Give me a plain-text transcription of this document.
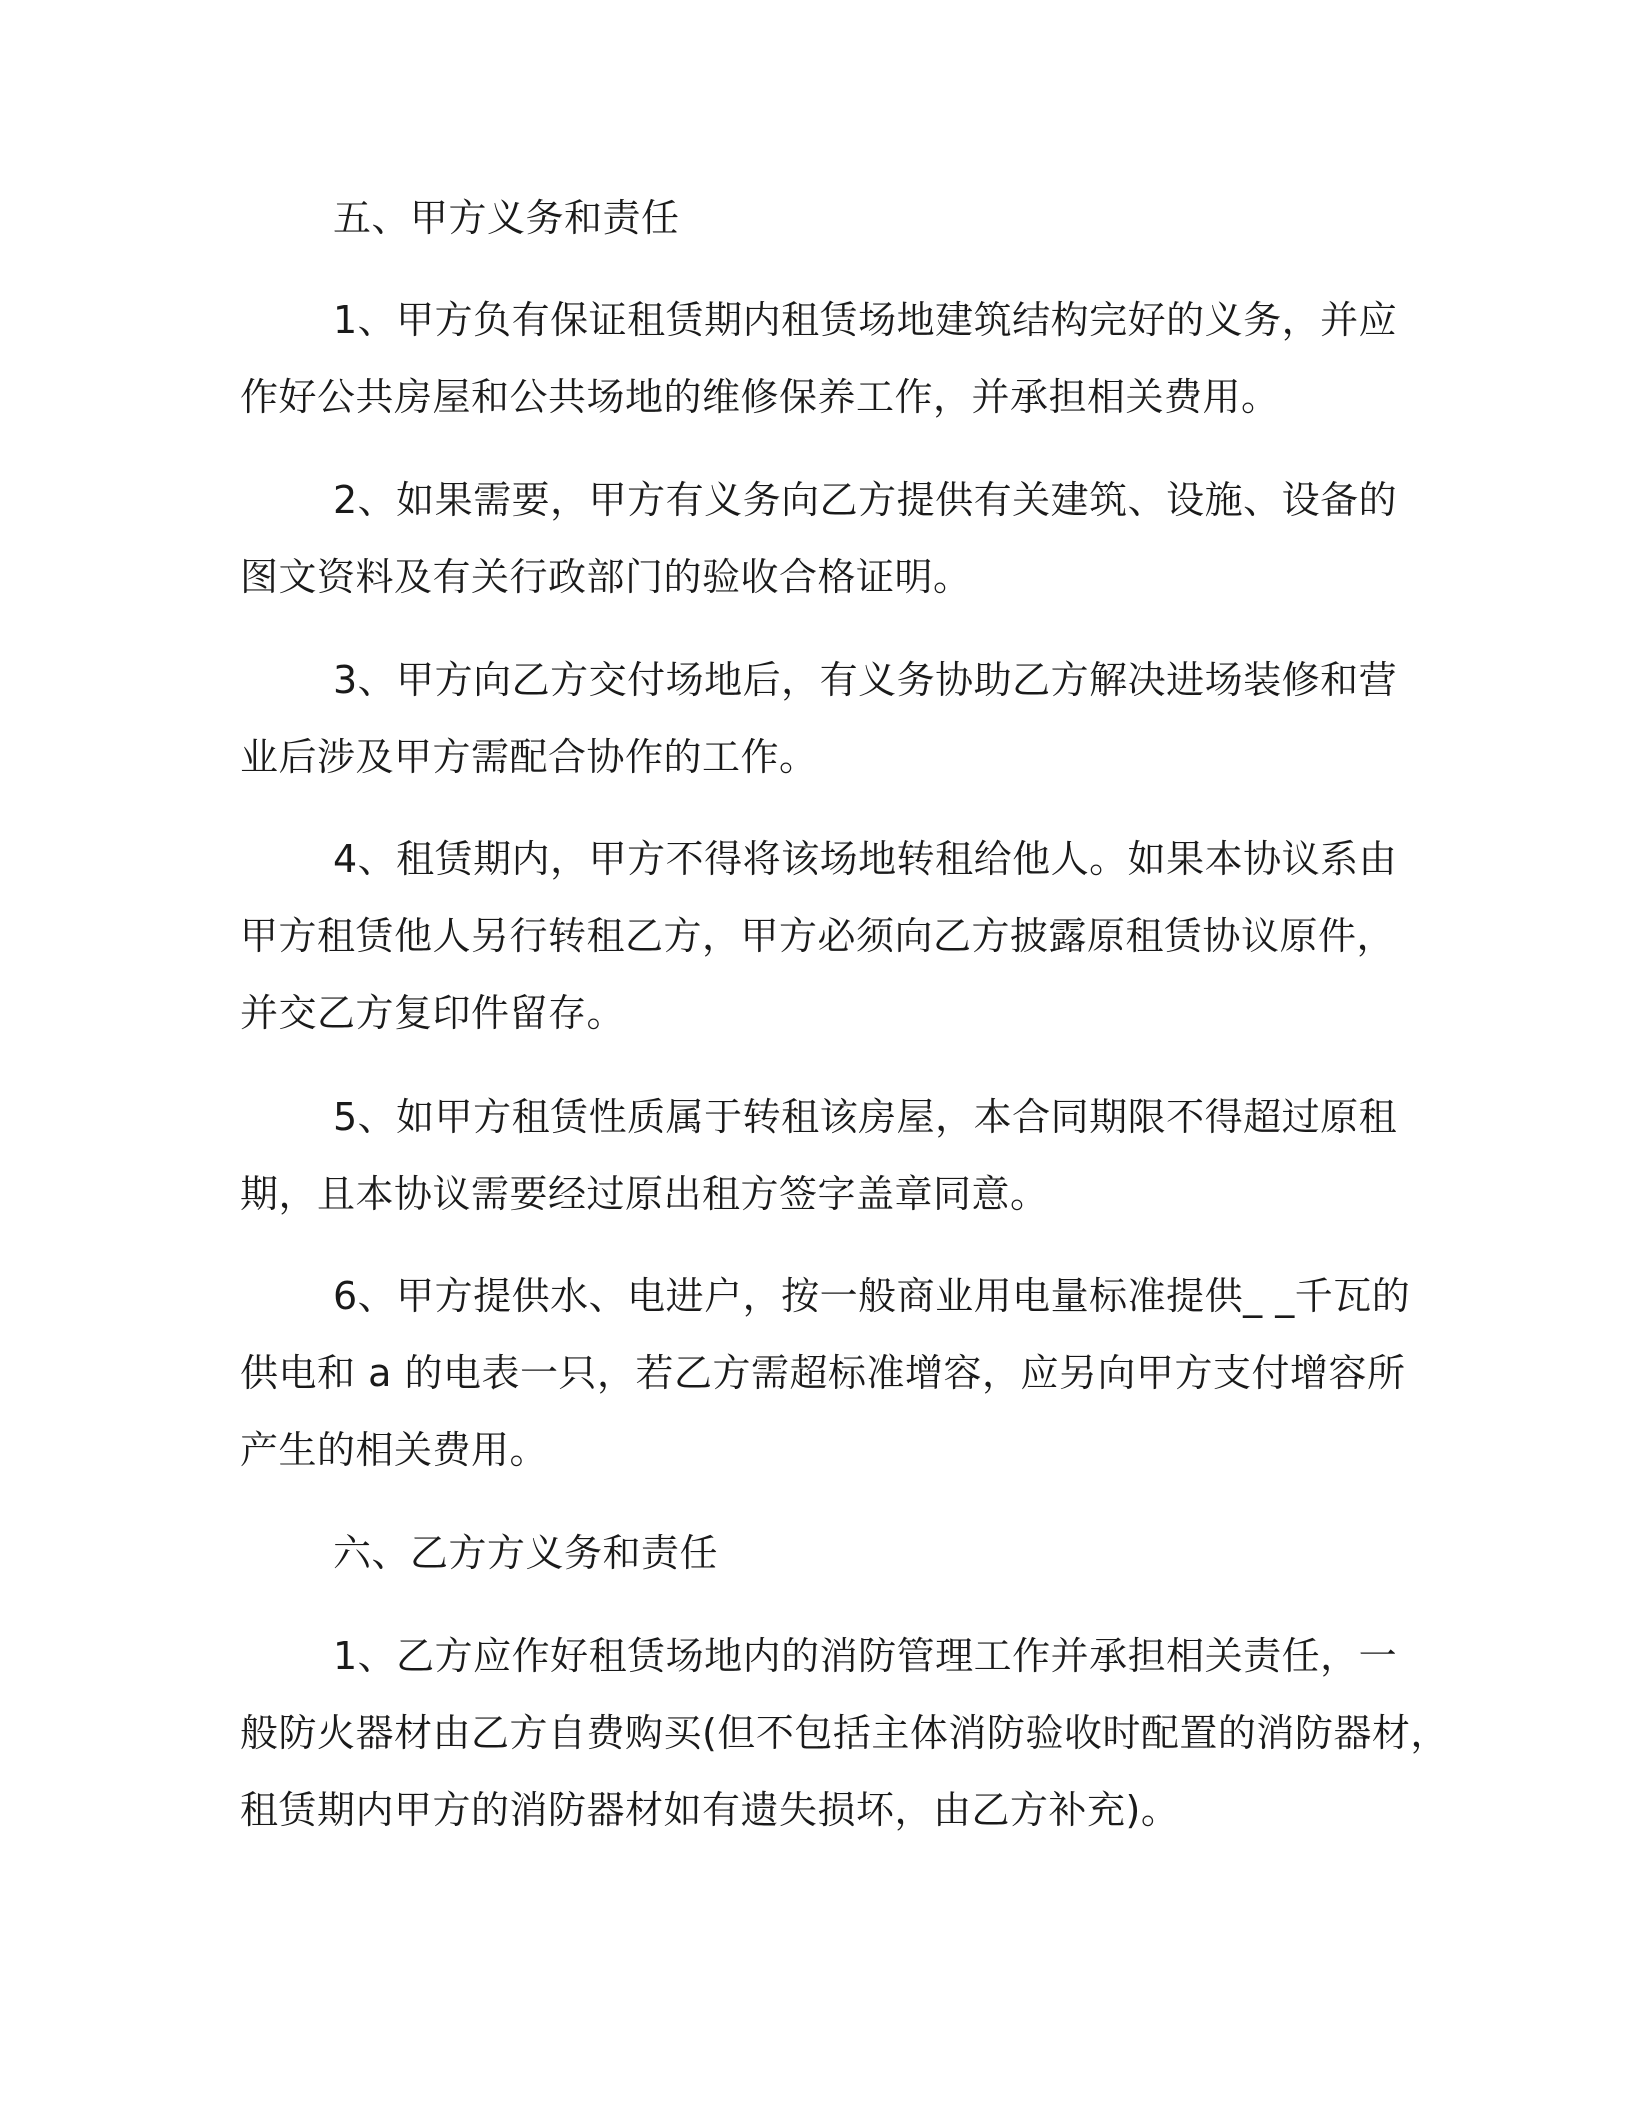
五、甲方义务和责任
1、甲方负有保证租赁期内租赁场地建筑结构完好的义务，并应
作好公共房屋和公共场地的维修保养工作，并承担相关费用。
2、如果需要，甲方有义务向乙方提供有关建筑、设施、设备的
图文资料及有关行政部门的验收合格证明。
3、甲方向乙方交付场地后，有义务协助乙方解决进场装修和营
业后涉及甲方需配合协作的工作。
4、租赁期内，甲方不得将该场地转租给他人。如果本协议系由
甲方租赁他人另行转租乙方，甲方必须向乙方披露原租赁协议原件，
并交乙方复印件留存。
5、如甲方租赁性质属于转租该房屋，本合同期限不得超过原租
期，且本协议需要经过原出租方签字盖章同意。
6、甲方提供水、电进户，按一般商业用电量标准提供_ _千瓦的
供电和 a 的电表一只，若乙方需超标准增容，应另向甲方支付增容所
产生的相关费用。
六、乙方方义务和责任
1、乙方应作好租赁场地内的消防管理工作并承担相关责任，一
般防火器材由乙方自费购买(但不包括主体消防验收时配置的消防器材，
租赁期内甲方的消防器材如有遗失损坏，由乙方补充)。
